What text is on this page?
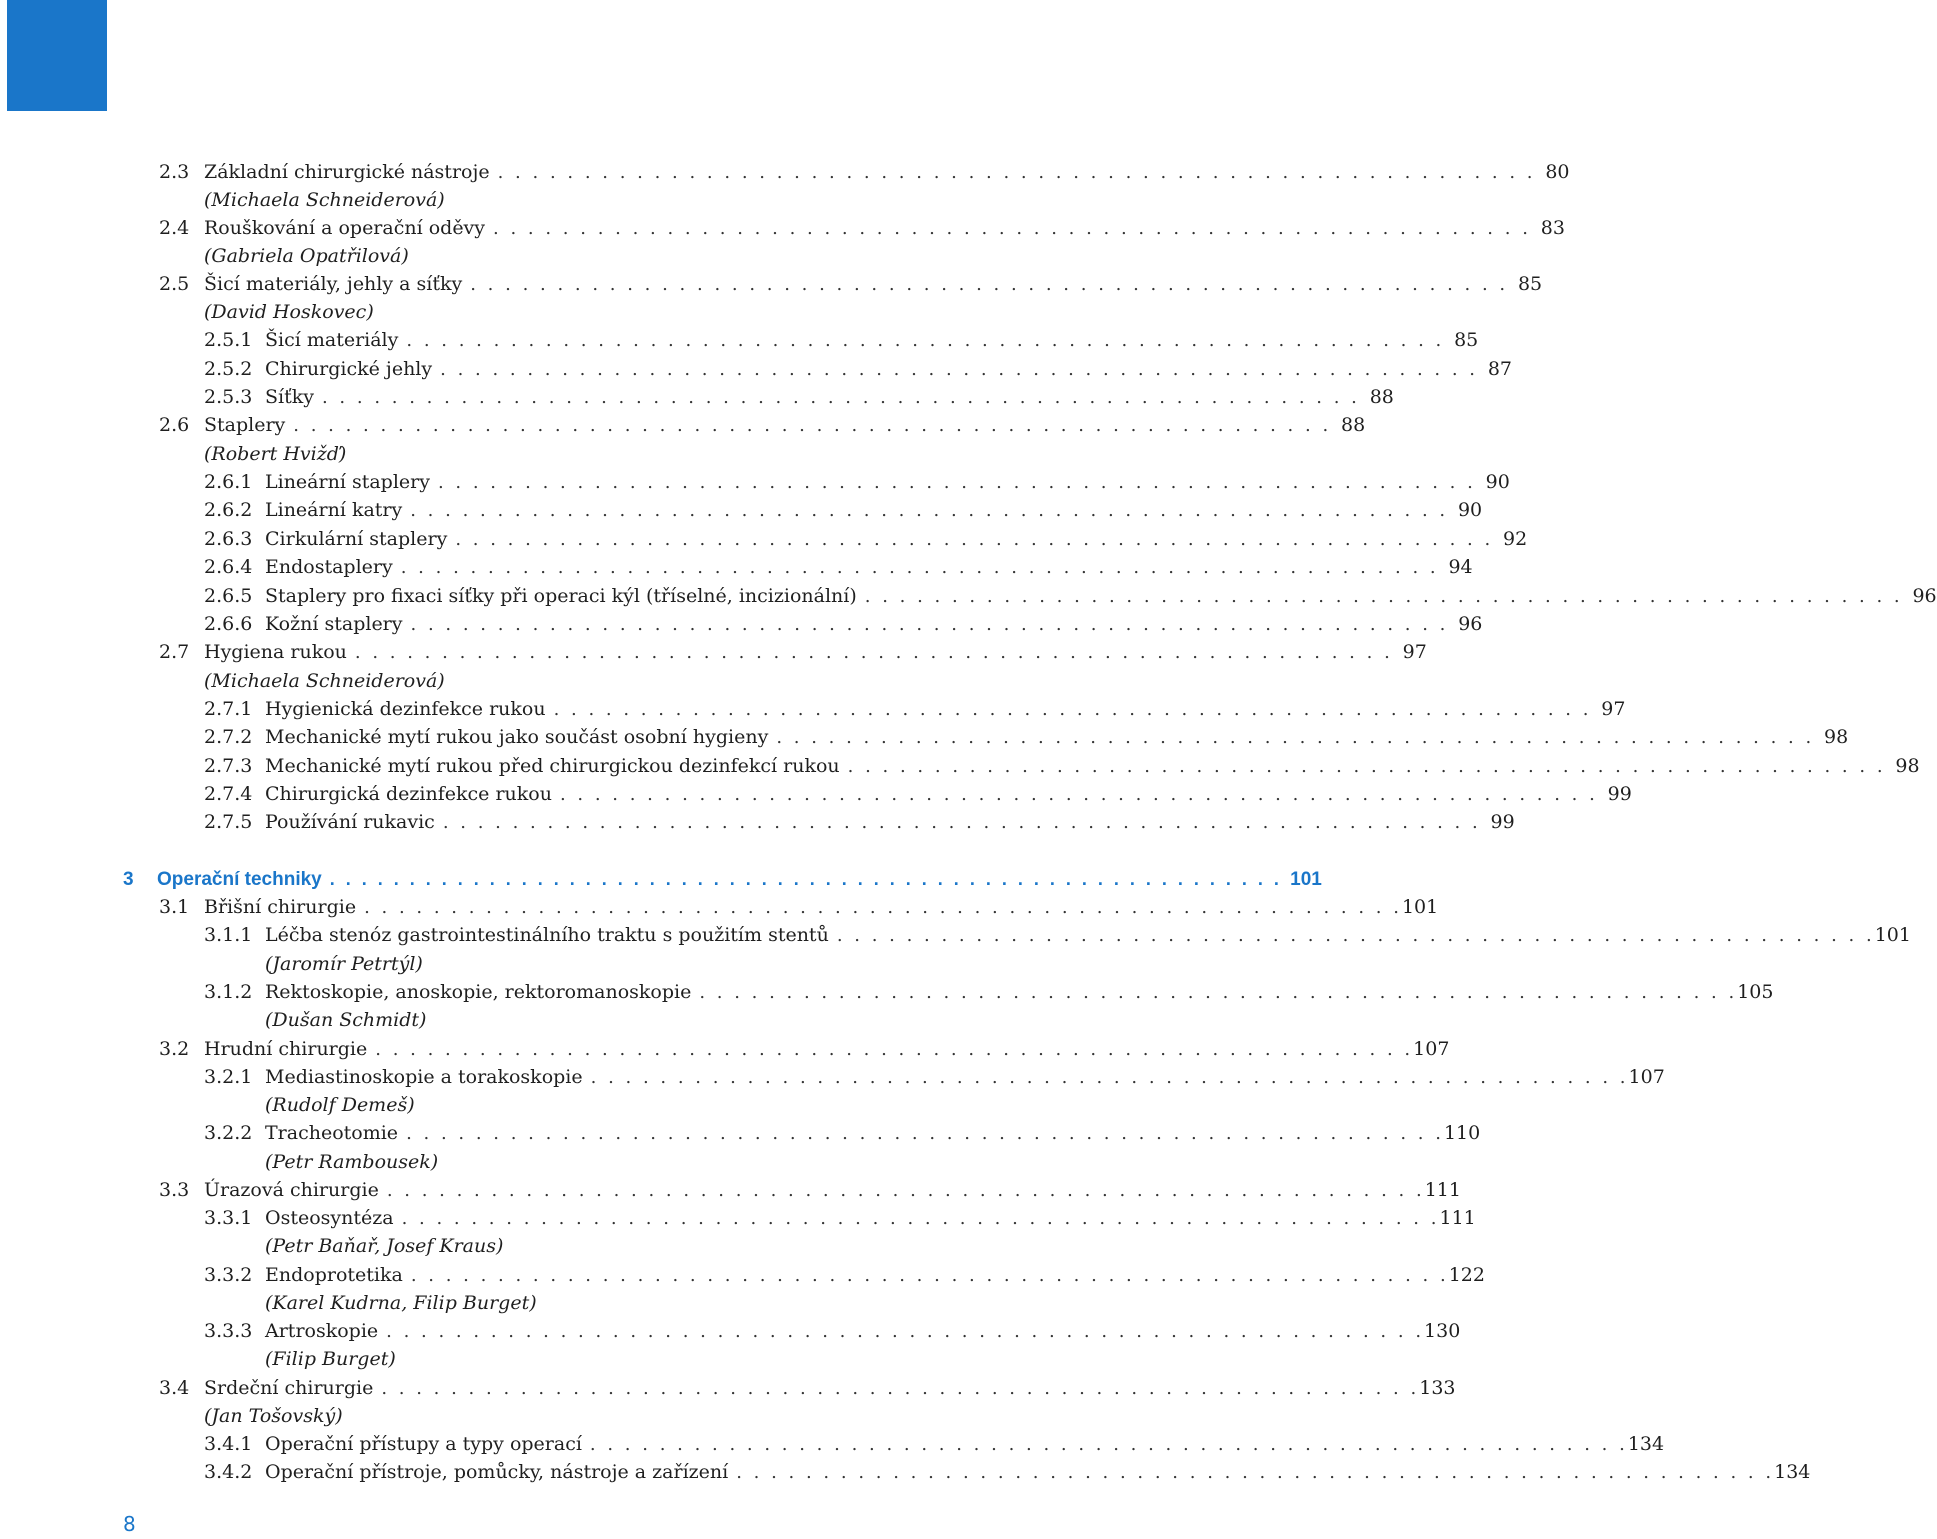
2.3 Základní chirurgické nástroje . . . . . . . . . . . . . . . . . . . . . . . . . . . . . . . . . . . . . . . . . . . . . . . . . . . . . . . . . . . . 80
(Michaela Schneiderová)
2.4 Rouškování a operační oděvy . . . . . . . . . . . . . . . . . . . . . . . . . . . . . . . . . . . . . . . . . . . . . . . . . . . . . . . . . . . . 83
(Gabriela Opatřilová)
2.5 Šicí materiály, jehly a síťky . . . . . . . . . . . . . . . . . . . . . . . . . . . . . . . . . . . . . . . . . . . . . . . . . . . . . . . . . . . . 85
(David Hoskovec)
2.5.1 Šicí materiály . . . . . . . . . . . . . . . . . . . . . . . . . . . . . . . . . . . . . . . . . . . . . . . . . . . . . . . . . . . . 85
2.5.2 Chirurgické jehly . . . . . . . . . . . . . . . . . . . . . . . . . . . . . . . . . . . . . . . . . . . . . . . . . . . . . . . . . . . . 87
2.5.3 Síťky . . . . . . . . . . . . . . . . . . . . . . . . . . . . . . . . . . . . . . . . . . . . . . . . . . . . . . . . . . . . 88
2.6 Staplery . . . . . . . . . . . . . . . . . . . . . . . . . . . . . . . . . . . . . . . . . . . . . . . . . . . . . . . . . . . . 88
(Robert Hvižď)
2.6.1 Lineární staplery . . . . . . . . . . . . . . . . . . . . . . . . . . . . . . . . . . . . . . . . . . . . . . . . . . . . . . . . . . . . 90
2.6.2 Lineární katry . . . . . . . . . . . . . . . . . . . . . . . . . . . . . . . . . . . . . . . . . . . . . . . . . . . . . . . . . . . . 90
2.6.3 Cirkulární staplery . . . . . . . . . . . . . . . . . . . . . . . . . . . . . . . . . . . . . . . . . . . . . . . . . . . . . . . . . . . . 92
2.6.4 Endostaplery . . . . . . . . . . . . . . . . . . . . . . . . . . . . . . . . . . . . . . . . . . . . . . . . . . . . . . . . . . . . 94
2.6.5 Staplery pro fixaci síťky při operaci kýl (tříselné, incizionální) . . . . . . . . . . . . . . . . . . . . . . . . . . . . . . . . . . . . . . . . . . . . . . . . . . . . . . . . . . . . 96
2.6.6 Kožní staplery . . . . . . . . . . . . . . . . . . . . . . . . . . . . . . . . . . . . . . . . . . . . . . . . . . . . . . . . . . . . 96
2.7 Hygiena rukou . . . . . . . . . . . . . . . . . . . . . . . . . . . . . . . . . . . . . . . . . . . . . . . . . . . . . . . . . . . . 97
(Michaela Schneiderová)
2.7.1 Hygienická dezinfekce rukou . . . . . . . . . . . . . . . . . . . . . . . . . . . . . . . . . . . . . . . . . . . . . . . . . . . . . . . . . . . . 97
2.7.2 Mechanické mytí rukou jako součást osobní hygieny . . . . . . . . . . . . . . . . . . . . . . . . . . . . . . . . . . . . . . . . . . . . . . . . . . . . . . . . . . . . 98
2.7.3 Mechanické mytí rukou před chirurgickou dezinfekcí rukou . . . . . . . . . . . . . . . . . . . . . . . . . . . . . . . . . . . . . . . . . . . . . . . . . . . . . . . . . . . . 98
2.7.4 Chirurgická dezinfekce rukou . . . . . . . . . . . . . . . . . . . . . . . . . . . . . . . . . . . . . . . . . . . . . . . . . . . . . . . . . . . . 99
2.7.5 Používání rukavic . . . . . . . . . . . . . . . . . . . . . . . . . . . . . . . . . . . . . . . . . . . . . . . . . . . . . . . . . . . . 99
3	Operační techniky . . . . . . . . . . . . . . . . . . . . . . . . . . . . . . . . . . . . . . . . . . . . . . . . . . . . . . . . . . . . 101
3.1 Břišní chirurgie . . . . . . . . . . . . . . . . . . . . . . . . . . . . . . . . . . . . . . . . . . . . . . . . . . . . . . . . . . . . 101
3.1.1 Léčba stenóz gastrointestinálního traktu s použitím stentů . . . . . . . . . . . . . . . . . . . . . . . . . . . . . . . . . . . . . . . . . . . . . . . . . . . . . . . . . . . . 101
(Jaromír Petrtýl)
3.1.2 Rektoskopie, anoskopie, rektoromanoskopie . . . . . . . . . . . . . . . . . . . . . . . . . . . . . . . . . . . . . . . . . . . . . . . . . . . . . . . . . . . . 105
(Dušan Schmidt)
3.2 Hrudní chirurgie . . . . . . . . . . . . . . . . . . . . . . . . . . . . . . . . . . . . . . . . . . . . . . . . . . . . . . . . . . . . 107
3.2.1 Mediastinoskopie a torakoskopie . . . . . . . . . . . . . . . . . . . . . . . . . . . . . . . . . . . . . . . . . . . . . . . . . . . . . . . . . . . . 107
(Rudolf Demeš)
3.2.2 Tracheotomie . . . . . . . . . . . . . . . . . . . . . . . . . . . . . . . . . . . . . . . . . . . . . . . . . . . . . . . . . . . . 110
(Petr Rambousek)
3.3 Úrazová chirurgie . . . . . . . . . . . . . . . . . . . . . . . . . . . . . . . . . . . . . . . . . . . . . . . . . . . . . . . . . . . . 111
3.3.1 Osteosyntéza . . . . . . . . . . . . . . . . . . . . . . . . . . . . . . . . . . . . . . . . . . . . . . . . . . . . . . . . . . . . 111
(Petr Baňař, Josef Kraus)
3.3.2 Endoprotetika . . . . . . . . . . . . . . . . . . . . . . . . . . . . . . . . . . . . . . . . . . . . . . . . . . . . . . . . . . . . 122
(Karel Kudrna, Filip Burget)
3.3.3 Artroskopie . . . . . . . . . . . . . . . . . . . . . . . . . . . . . . . . . . . . . . . . . . . . . . . . . . . . . . . . . . . . 130
(Filip Burget)
3.4 Srdeční chirurgie . . . . . . . . . . . . . . . . . . . . . . . . . . . . . . . . . . . . . . . . . . . . . . . . . . . . . . . . . . . . 133
(Jan Tošovský)
3.4.1 Operační přístupy a typy operací . . . . . . . . . . . . . . . . . . . . . . . . . . . . . . . . . . . . . . . . . . . . . . . . . . . . . . . . . . . . 134
3.4.2 Operační přístroje, pomůcky, nástroje a zařízení . . . . . . . . . . . . . . . . . . . . . . . . . . . . . . . . . . . . . . . . . . . . . . . . . . . . . . . . . . . . 134
8
